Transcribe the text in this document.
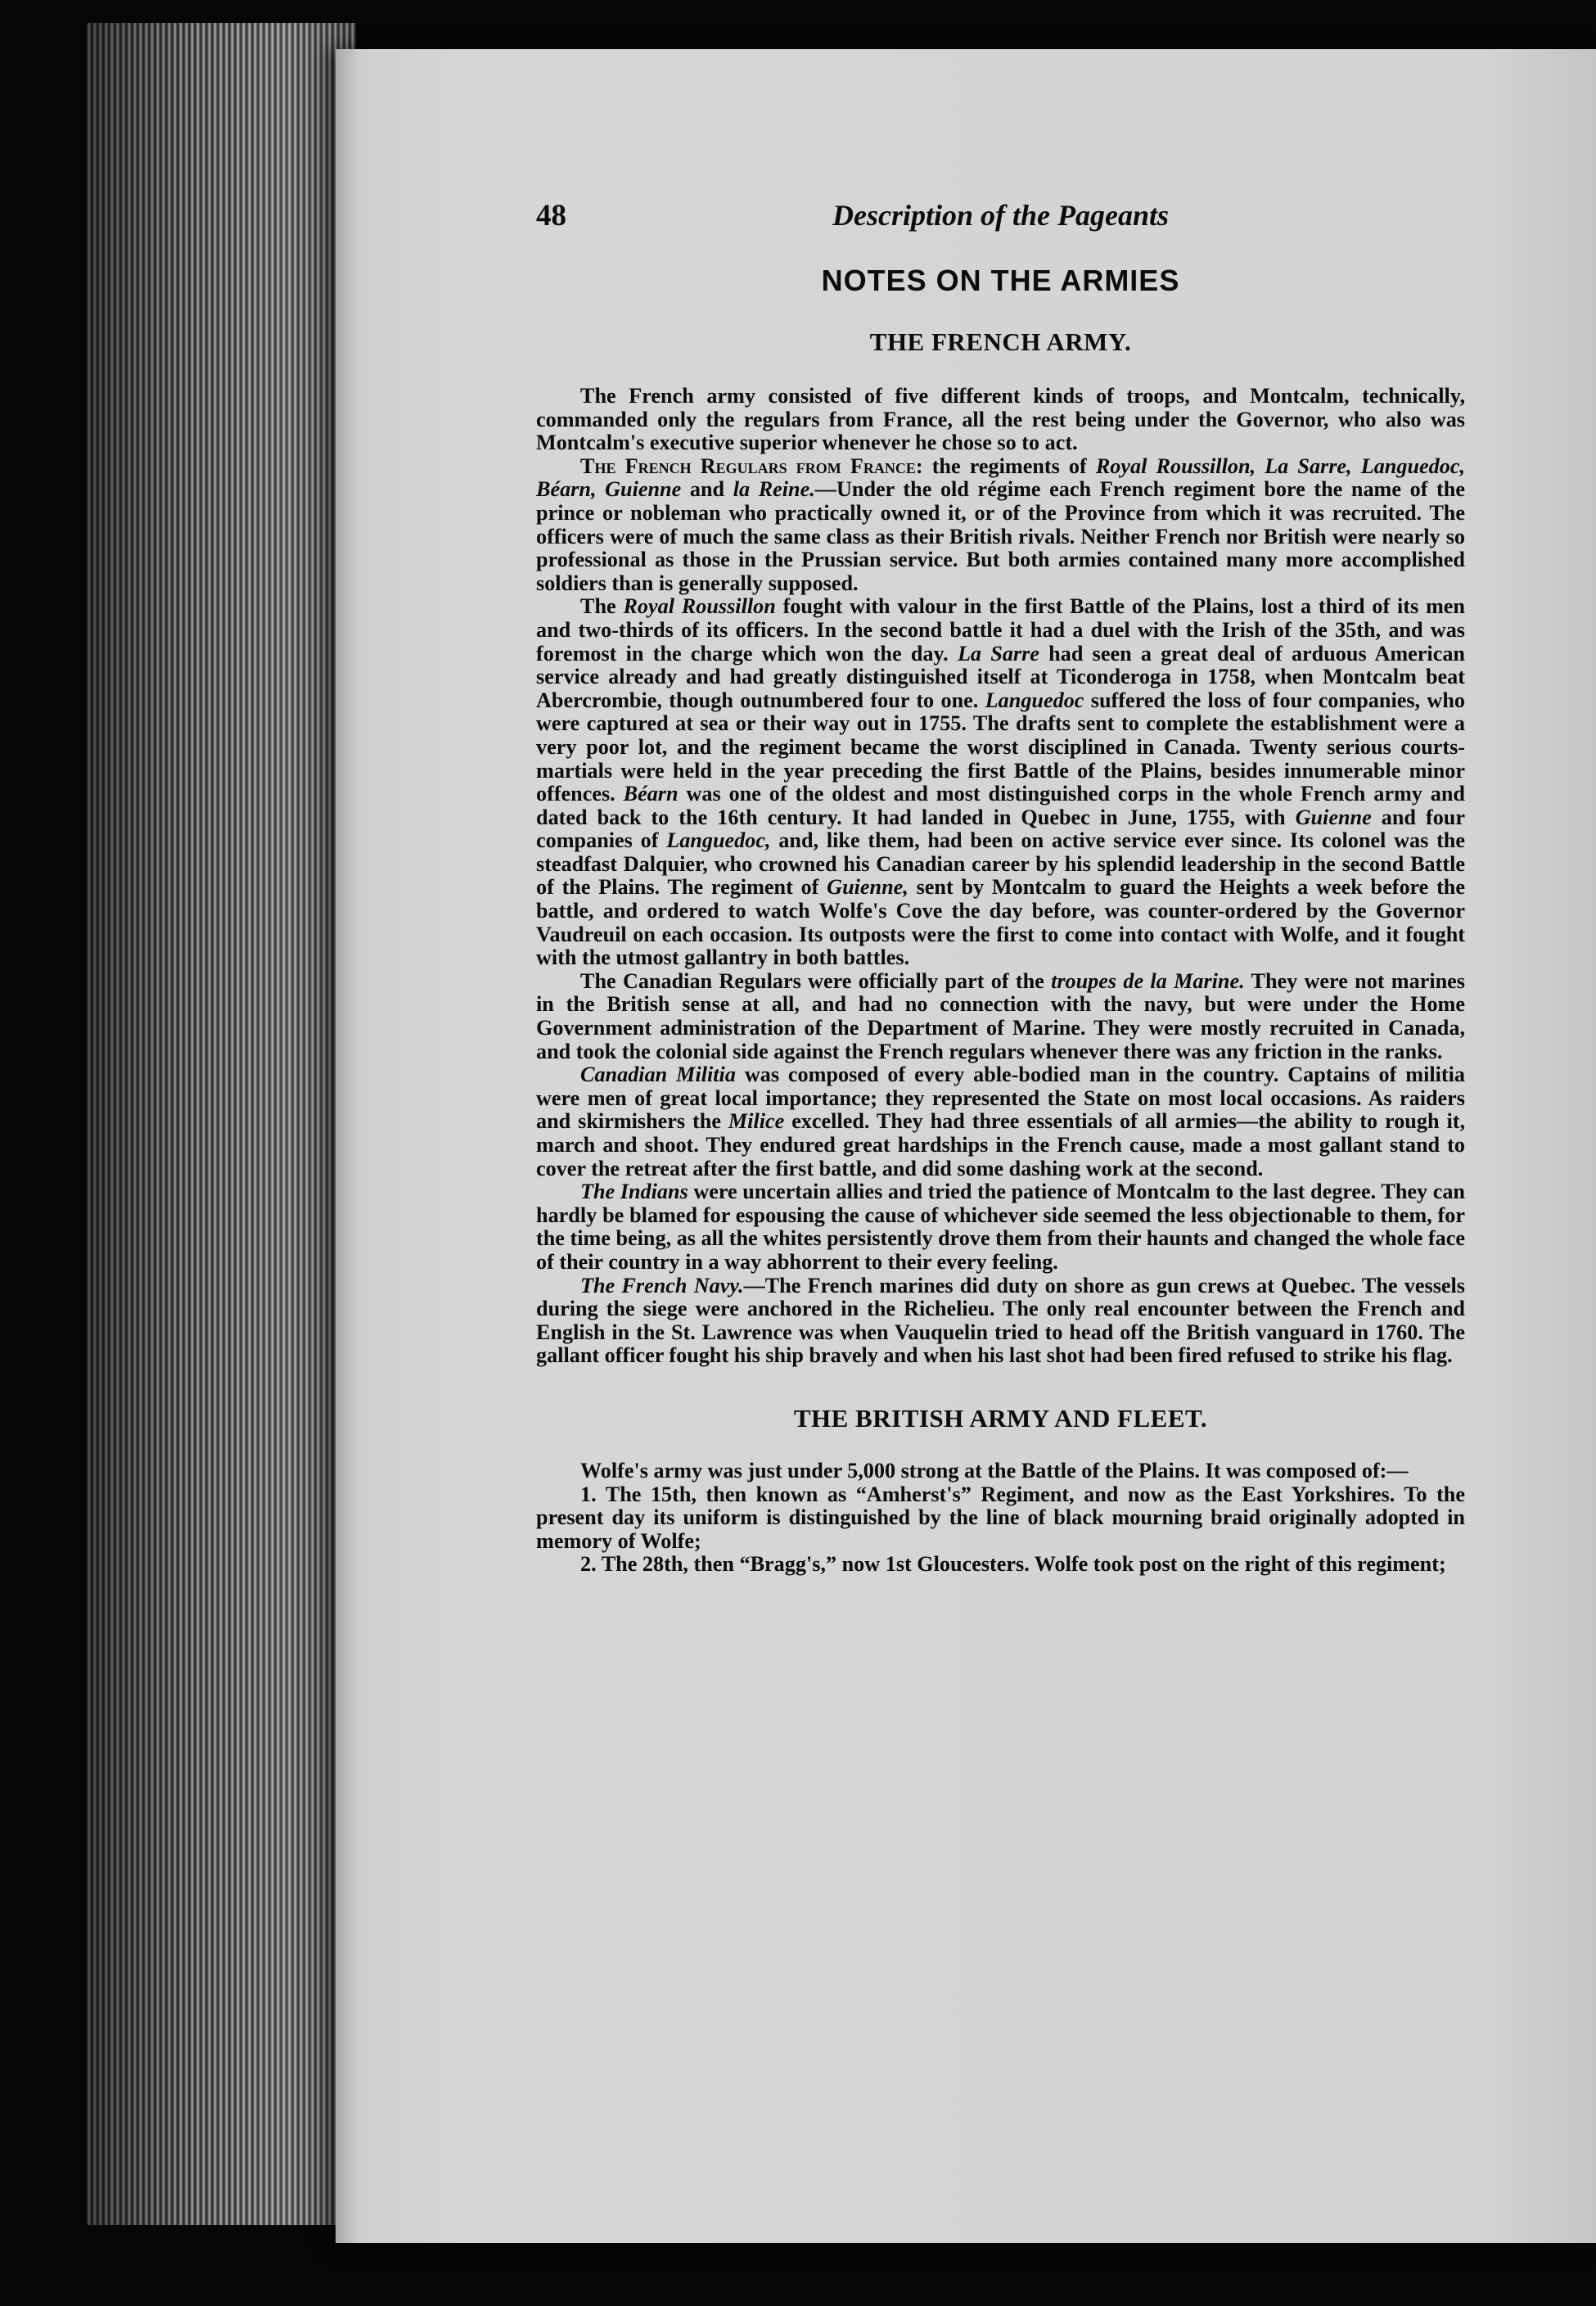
48	Description of the Pageants
NOTES ON THE ARMIES
THE FRENCH ARMY.

The French army consisted of five different kinds of troops, and Montcalm, technically, commanded only the regulars from France, all the rest being under the Governor, who also was Montcalm's executive superior whenever he chose so to act.

The French Regulars from France: the regiments of Royal Roussillon, La Sarre, Languedoc, Béarn, Guienne and la Reine.—Under the old régime each French regiment bore the name of the prince or nobleman who practically owned it, or of the Province from which it was recruited. The officers were of much the same class as their British rivals. Neither French nor British were nearly so professional as those in the Prussian service. But both armies contained many more accomplished soldiers than is generally supposed.

The Royal Roussillon fought with valour in the first Battle of the Plains, lost a third of its men and two-thirds of its officers. In the second battle it had a duel with the Irish of the 35th, and was foremost in the charge which won the day. La Sarre had seen a great deal of arduous American service already and had greatly distinguished itself at Ticonderoga in 1758, when Montcalm beat Abercrombie, though outnumbered four to one. Languedoc suffered the loss of four companies, who were captured at sea or their way out in 1755. The drafts sent to complete the establishment were a very poor lot, and the regiment became the worst disciplined in Canada. Twenty serious courts-martials were held in the year preceding the first Battle of the Plains, besides innumerable minor offences. Béarn was one of the oldest and most distinguished corps in the whole French army and dated back to the 16th century. It had landed in Quebec in June, 1755, with Guienne and four companies of Languedoc, and, like them, had been on active service ever since. Its colonel was the steadfast Dalquier, who crowned his Canadian career by his splendid leadership in the second Battle of the Plains. The regiment of Guienne, sent by Montcalm to guard the Heights a week before the battle, and ordered to watch Wolfe's Cove the day before, was counter-ordered by the Governor Vaudreuil on each occasion. Its outposts were the first to come into contact with Wolfe, and it fought with the utmost gallantry in both battles.

The Canadian Regulars were officially part of the troupes de la Marine. They were not marines in the British sense at all, and had no connection with the navy, but were under the Home Government administration of the Department of Marine. They were mostly recruited in Canada, and took the colonial side against the French regulars whenever there was any friction in the ranks.

Canadian Militia was composed of every able-bodied man in the country. Captains of militia were men of great local importance; they represented the State on most local occasions. As raiders and skirmishers the Milice excelled. They had three essentials of all armies—the ability to rough it, march and shoot. They endured great hardships in the French cause, made a most gallant stand to cover the retreat after the first battle, and did some dashing work at the second.

The Indians were uncertain allies and tried the patience of Montcalm to the last degree. They can hardly be blamed for espousing the cause of whichever side seemed the less objectionable to them, for the time being, as all the whites persistently drove them from their haunts and changed the whole face of their country in a way abhorrent to their every feeling.

The French Navy.—The French marines did duty on shore as gun crews at Quebec. The vessels during the siege were anchored in the Richelieu. The only real encounter between the French and English in the St. Lawrence was when Vauquelin tried to head off the British vanguard in 1760. The gallant officer fought his ship bravely and when his last shot had been fired refused to strike his flag.

THE BRITISH ARMY AND FLEET.

Wolfe's army was just under 5,000 strong at the Battle of the Plains. It was composed of:—

1. The 15th, then known as “Amherst's” Regiment, and now as the East Yorkshires. To the present day its uniform is distinguished by the line of black mourning braid originally adopted in memory of Wolfe;

2. The 28th, then “Bragg's,” now 1st Gloucesters. Wolfe took post on the right of this regiment;
